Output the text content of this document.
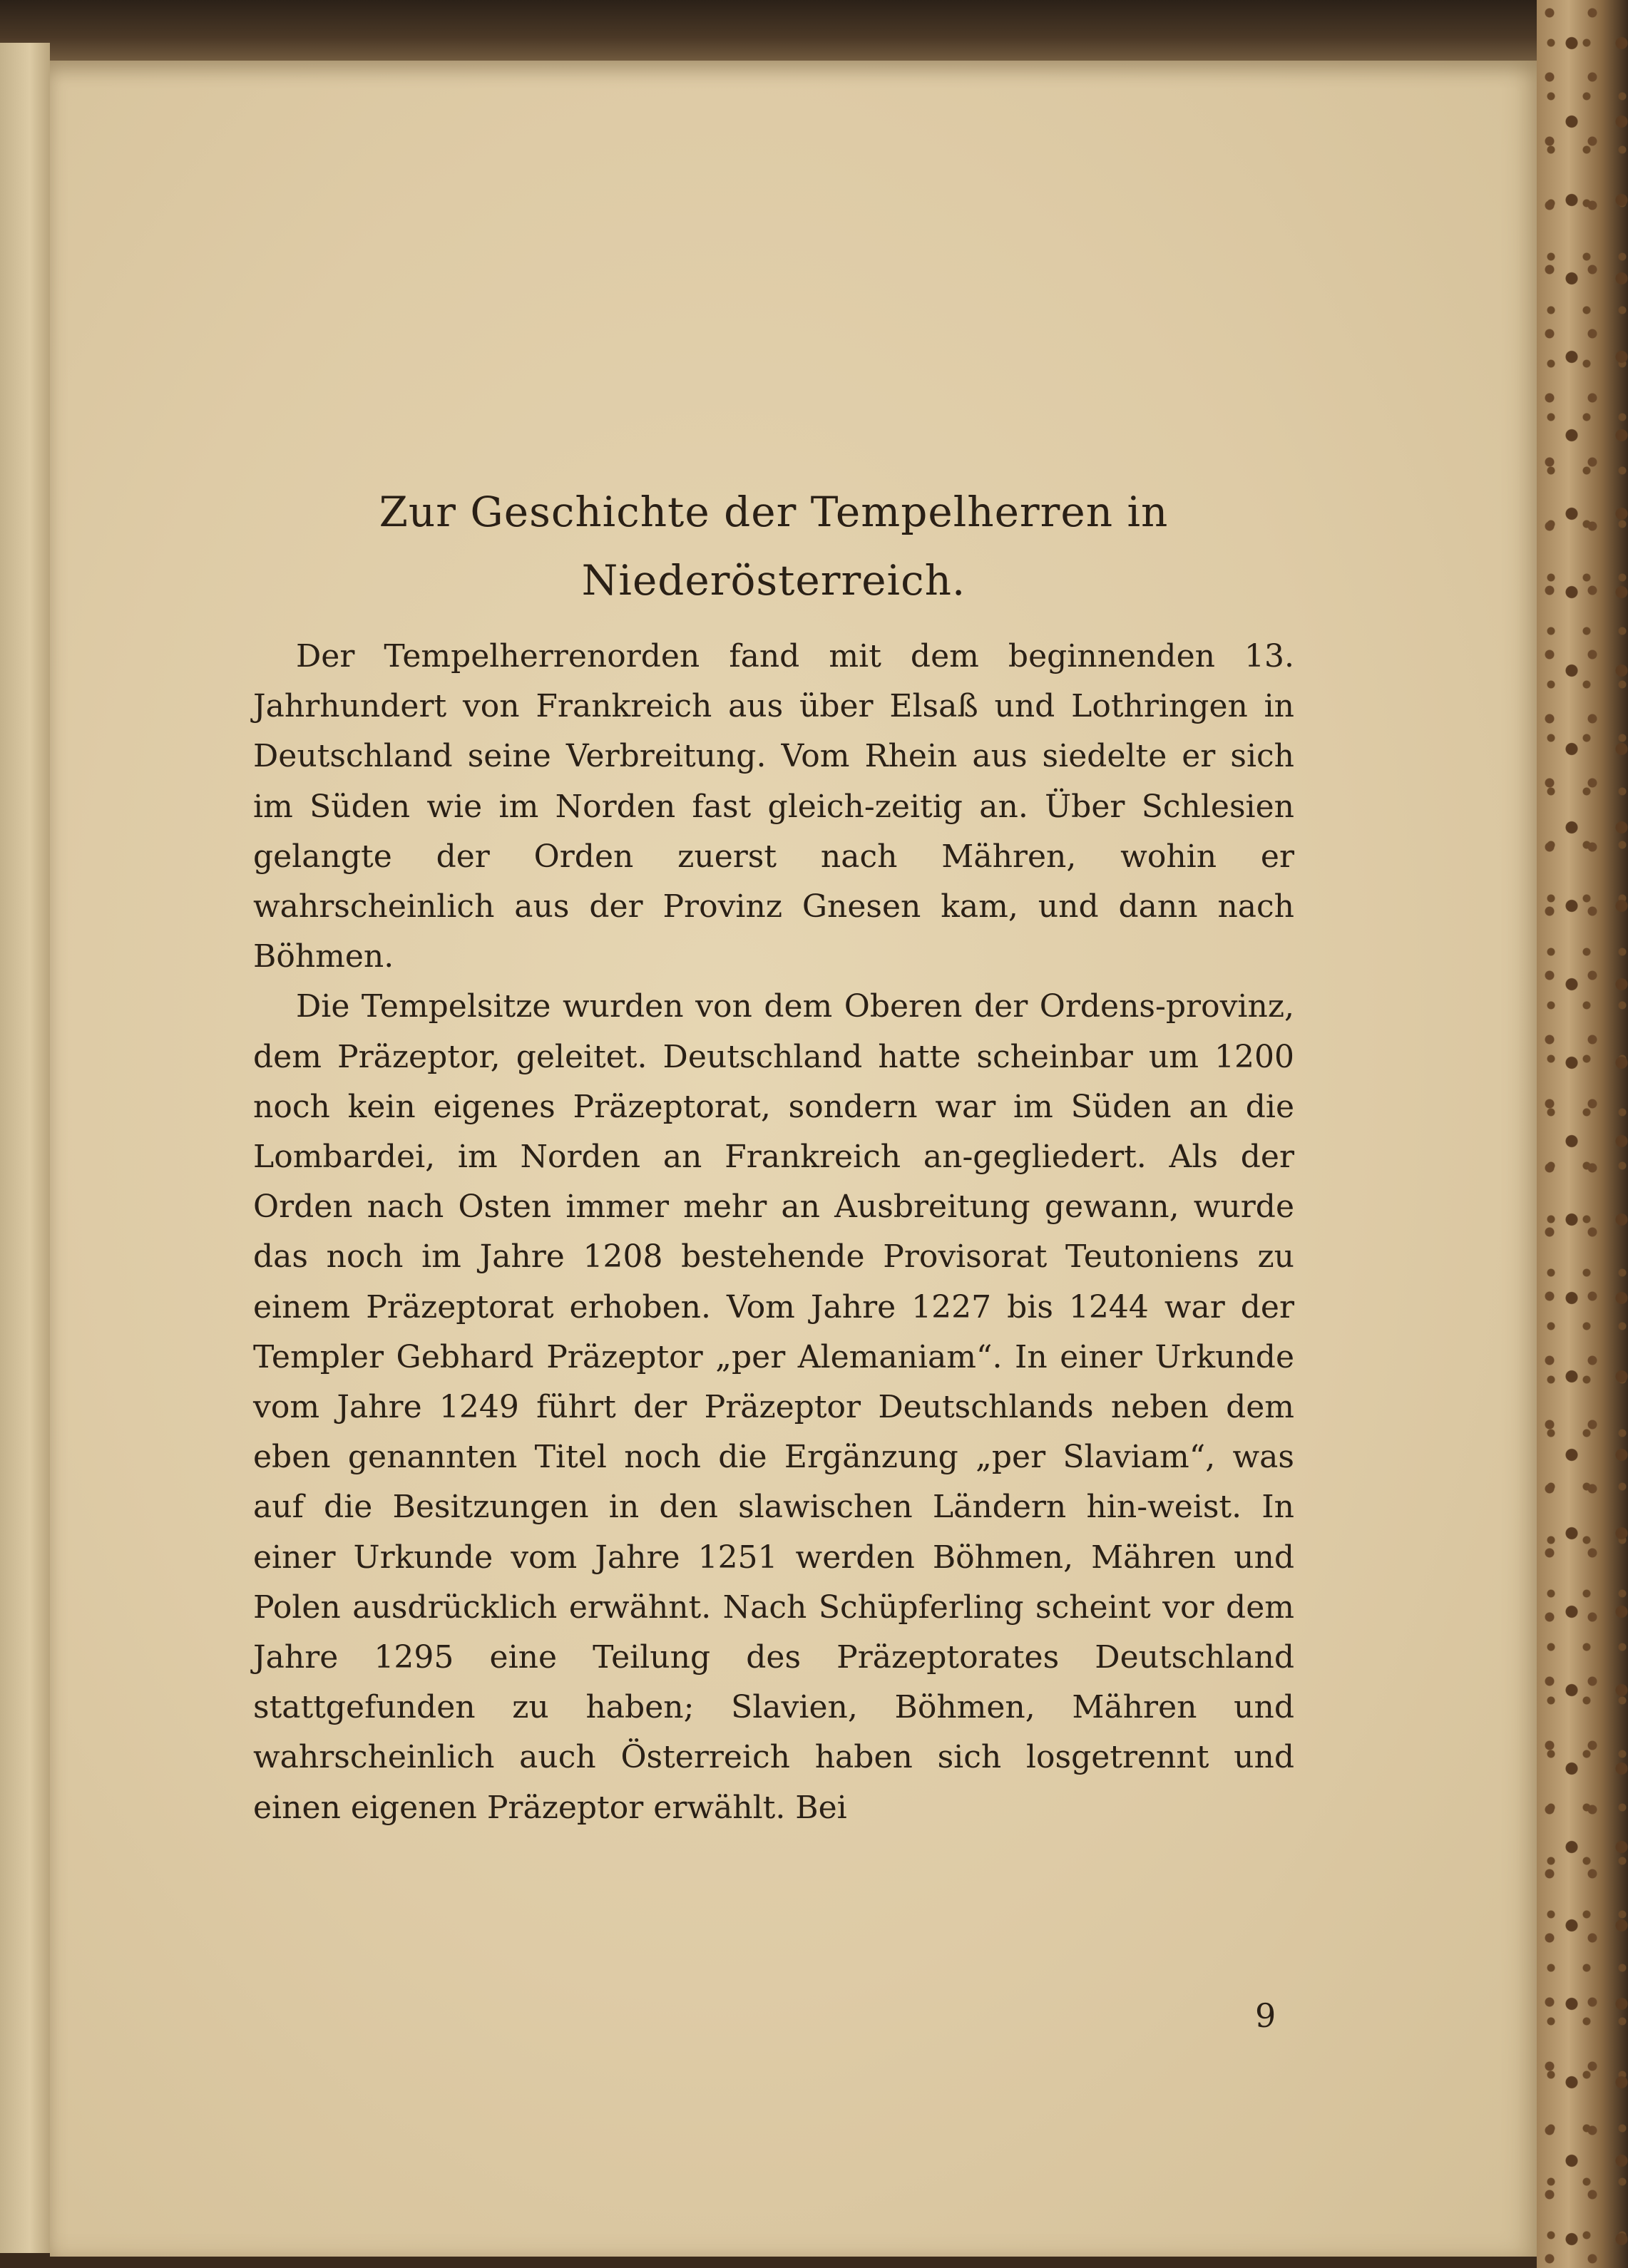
Zur Geschichte der Tempelherren in Niederösterreich.

Der Tempelherrenorden fand mit dem beginnenden 13. Jahrhundert von Frankreich aus über Elsaß und Lothringen in Deutschland seine Verbreitung. Vom Rhein aus siedelte er sich im Süden wie im Norden fast gleich-zeitig an. Über Schlesien gelangte der Orden zuerst nach Mähren, wohin er wahrscheinlich aus der Provinz Gnesen kam, und dann nach Böhmen.

Die Tempelsitze wurden von dem Oberen der Ordens-provinz, dem Präzeptor, geleitet. Deutschland hatte scheinbar um 1200 noch kein eigenes Präzeptorat, sondern war im Süden an die Lombardei, im Norden an Frankreich an-gegliedert. Als der Orden nach Osten immer mehr an Ausbreitung gewann, wurde das noch im Jahre 1208 bestehende Provisorat Teutoniens zu einem Präzeptorat erhoben. Vom Jahre 1227 bis 1244 war der Templer Gebhard Präzeptor „per Alemaniam“. In einer Urkunde vom Jahre 1249 führt der Präzeptor Deutschlands neben dem eben genannten Titel noch die Ergänzung „per Slaviam“, was auf die Besitzungen in den slawischen Ländern hin-weist. In einer Urkunde vom Jahre 1251 werden Böhmen, Mähren und Polen ausdrücklich erwähnt. Nach Schüpferling scheint vor dem Jahre 1295 eine Teilung des Präzeptorates Deutschland stattgefunden zu haben; Slavien, Böhmen, Mähren und wahrscheinlich auch Österreich haben sich losgetrennt und einen eigenen Präzeptor erwählt. Bei

9
